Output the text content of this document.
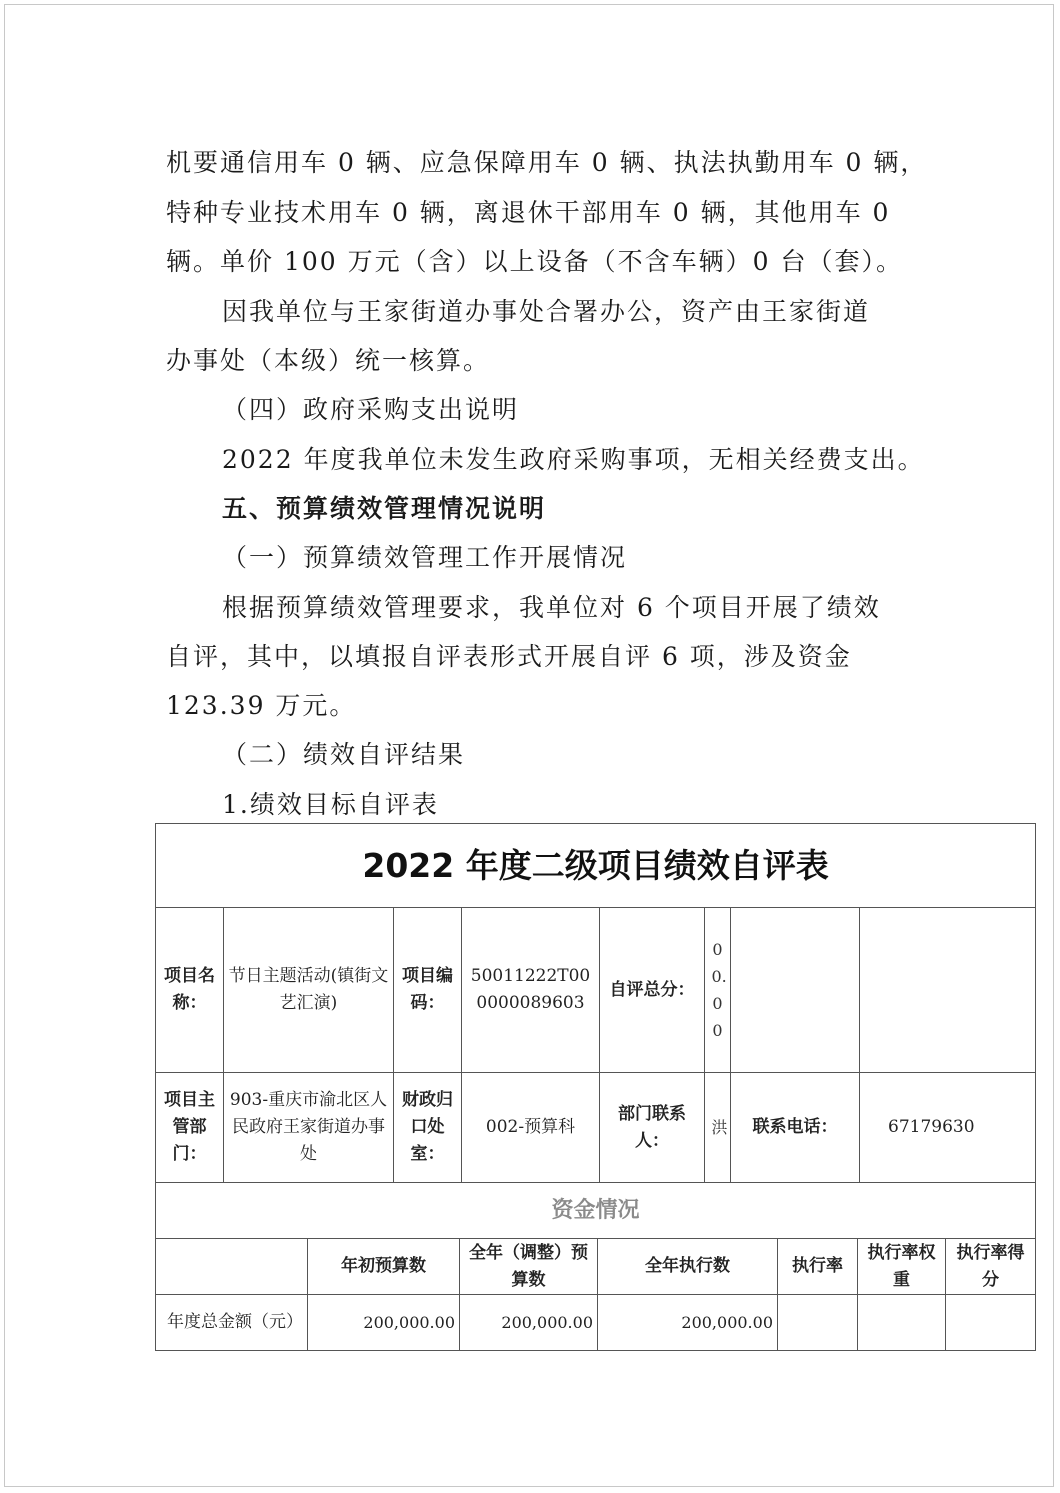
机要通信用车 0 辆、应急保障用车 0 辆、执法执勤用车 0 辆，
特种专业技术用车 0 辆，离退休干部用车 0 辆，其他用车 0
辆。单价 100 万元（含）以上设备（不含车辆）0 台（套）。
因我单位与王家街道办事处合署办公，资产由王家街道
办事处（本级）统一核算。
（四）政府采购支出说明
2022 年度我单位未发生政府采购事项，无相关经费支出。
五、预算绩效管理情况说明
（一）预算绩效管理工作开展情况
根据预算绩效管理要求，我单位对 6 个项目开展了绩效
自评，其中，以填报自评表形式开展自评 6 项，涉及资金
123.39 万元。
（二）绩效自评结果
1.绩效目标自评表
2022 年度二级项目绩效自评表							
项目名称：	节日主题活动(镇街文艺汇演)	项目编码：	50011222T000000089603	自评总分：	00.00		

项目主管部门：	903-重庆市渝北区人民政府王家街道办事处	财政归口处室：	002-预算科	部门联系人：	洪	联系电话：	67179630
资金情况							
	年初预算数	全年（调整）预算数	全年执行数	执行率	执行率权重	执行率得分
年度总金额（元）	200,000.00	200,000.00	200,000.00			
